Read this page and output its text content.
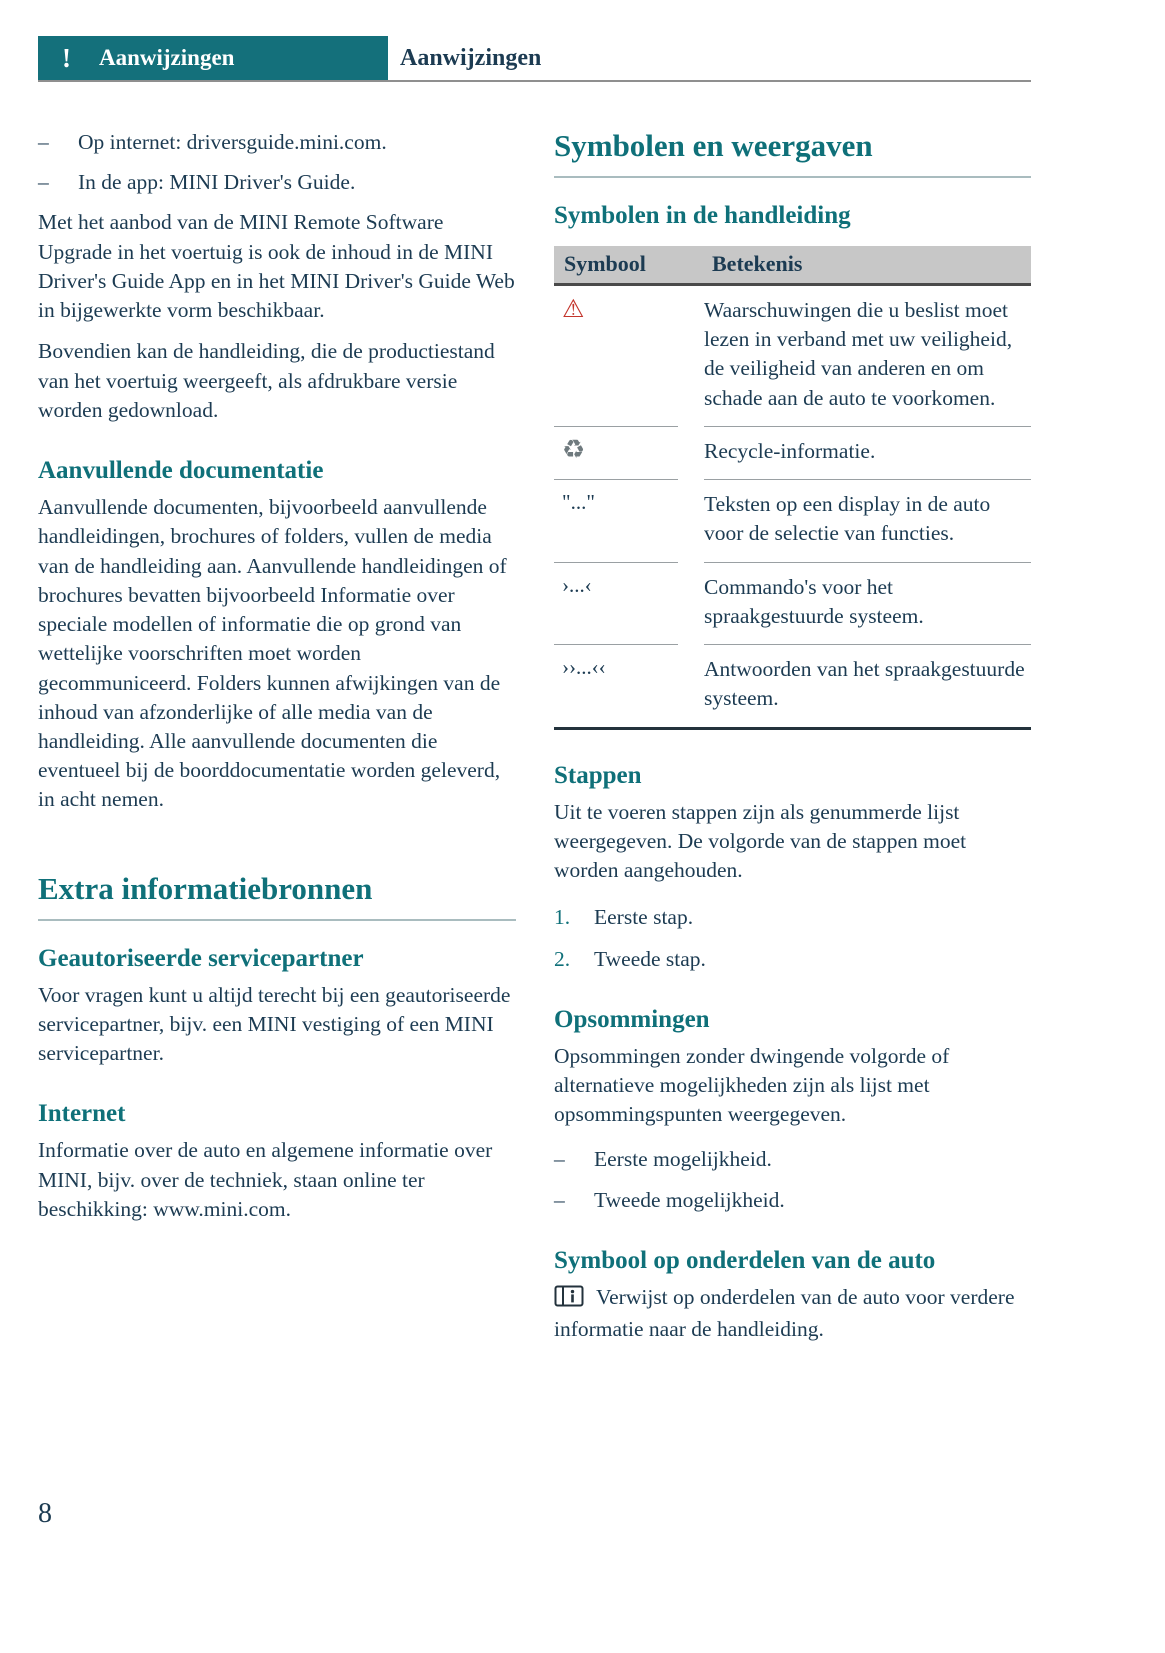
! Aanwijzingen	Aanwijzingen
–	Op internet: driversguide.mini.com.
–	In de app: MINI Driver's Guide.

Met het aanbod van de MINI Remote Software Upgrade in het voertuig is ook de inhoud in de MINI Driver's Guide App en in het MINI Driver's Guide Web in bijgewerkte vorm beschikbaar.

Bovendien kan de handleiding, die de productiestand van het voertuig weergeeft, als afdrukbare versie worden gedownload.

Aanvullende documentatie

Aanvullende documenten, bijvoorbeeld aanvullende handleidingen, brochures of folders, vullen de media van de handleiding aan. Aanvullende handleidingen of brochures bevatten bijvoorbeeld Informatie over speciale modellen of informatie die op grond van wettelijke voorschriften moet worden gecommuniceerd. Folders kunnen afwijkingen van de inhoud van afzonderlijke of alle media van de handleiding. Alle aanvullende documenten die eventueel bij de boorddocumentatie worden geleverd, in acht nemen.

Extra informatiebronnen
Geautoriseerde servicepartner

Voor vragen kunt u altijd terecht bij een geautoriseerde servicepartner, bijv. een MINI vestiging of een MINI servicepartner.

Internet

Informatie over de auto en algemene informatie over MINI, bijv. over de techniek, staan online ter beschikking: www.mini.com.

Symbolen en weergaven
Symbolen in de handleiding
Symbool	Betekenis
⚠	Waarschuwingen die u beslist moet lezen in verband met uw veiligheid, de veiligheid van anderen en om schade aan de auto te voorkomen.
♻	Recycle-informatie.
"..."	Teksten op een display in de auto voor de selectie van functies.
›...‹	Commando's voor het spraakgestuurde systeem.
››...‹‹	Antwoorden van het spraakgestuurde systeem.
Stappen

Uit te voeren stappen zijn als genummerde lijst weergegeven. De volgorde van de stappen moet worden aangehouden.

1.	Eerste stap.
2.	Tweede stap.
Opsommingen

Opsommingen zonder dwingende volgorde of alternatieve mogelijkheden zijn als lijst met opsommingspunten weergegeven.

–	Eerste mogelijkheid.
–	Tweede mogelijkheid.
Symbool op onderdelen van de auto

Verwijst op onderdelen van de auto voor verdere informatie naar de handleiding.

8
